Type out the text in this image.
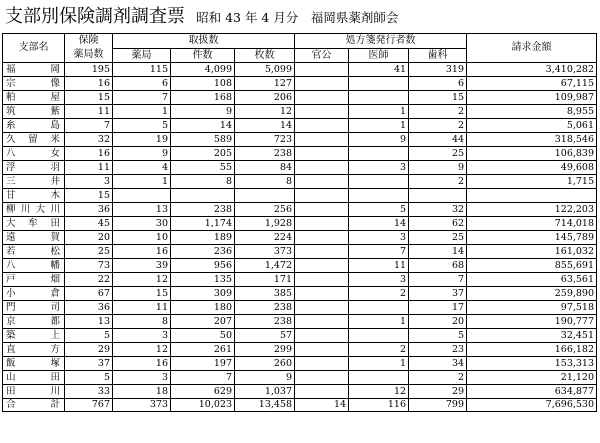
支部別保険調剤調査票 昭和 43 年 4 月分　福岡県薬剤師会
支部名	保険
薬局数	取扱数			処方箋発行者数			請求金額
		薬局	件数	枚数	官公	医師	歯科	
福　岡	195	115	4,099	5,099		41	319	3,410,282
宗　像	16	6	108	127			6	67,115
粕　屋	15	7	168	206			15	109,987
筑　紫	11	1	9	12		1	2	8,955
糸　島	7	5	14	14		1	2	5,061
久留米	32	19	589	723		9	44	318,546
八　女	16	9	205	238			25	106,839
浮　羽	11	4	55	84		3	9	49,608
三　井	3	1	8	8			2	1,715
甘　木	15							
柳川大川	36	13	238	256		5	32	122,203
大牟田	45	30	1,174	1,928		14	62	714,018
遠　賀	20	10	189	224		3	25	145,789
若　松	25	16	236	373		7	14	161,032
八　幡	73	39	956	1,472		11	68	855,691
戸　畑	22	12	135	171		3	7	63,561
小　倉	67	15	309	385		2	37	259,890
門　司	36	11	180	238			17	97,518
京　都	13	8	207	238		1	20	190,777
築　上	5	3	50	57			5	32,451
直　方	29	12	261	299		2	23	166,182
飯　塚	37	16	197	260		1	34	153,313
山　田	5	3	7	9			2	21,120
田　川	33	18	629	1,037		12	29	634,877
合　計	767	373	10,023	13,458	14	116	799	7,696,530
